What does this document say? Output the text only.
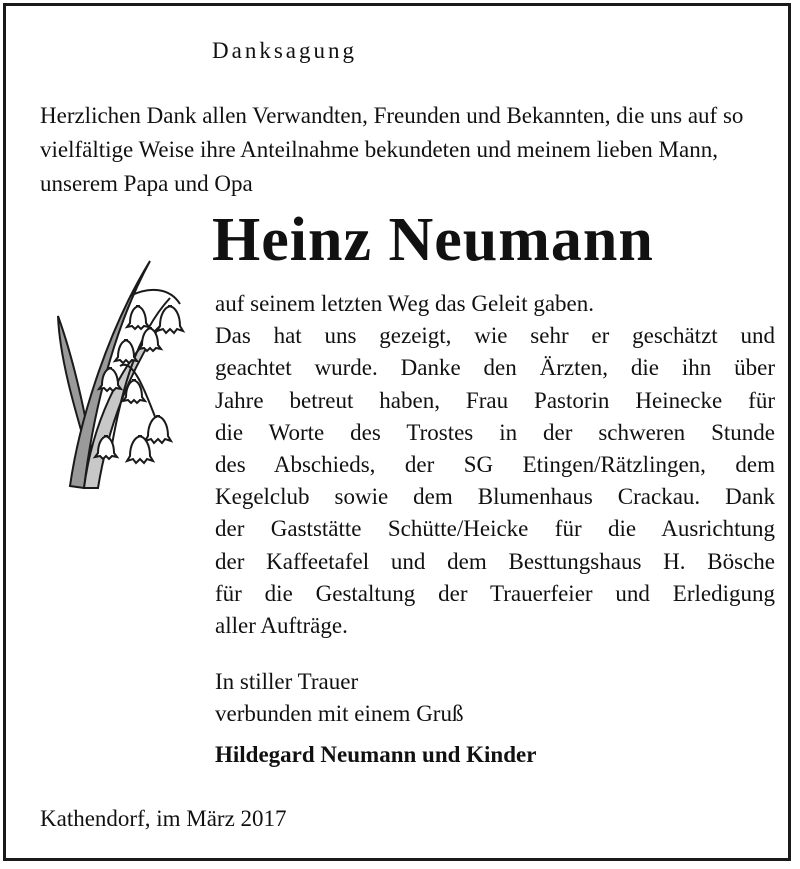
Danksagung

Herzlichen Dank allen Verwandten, Freunden und Bekannten, die uns auf so vielfältige Weise ihre Anteilnahme bekundeten und meinem lieben Mann, unserem Papa und Opa

Heinz Neumann

auf seinem letzten Weg das Geleit gaben.
Das hat uns gezeigt, wie sehr er geschätzt und
geachtet wurde. Danke den Ärzten, die ihn über
Jahre betreut haben, Frau Pastorin Heinecke für
die Worte des Trostes in der schweren Stunde
des Abschieds, der SG Etingen/Rätzlingen, dem
Kegelclub sowie dem Blumenhaus Crackau. Dank
der Gaststätte Schütte/Heicke für die Ausrichtung
der Kaffeetafel und dem Besttungshaus H. Bösche
für die Gestaltung der Trauerfeier und Erledigung
aller Aufträge.

In stiller Trauer
verbunden mit einem Gruß
Hildegard Neumann und Kinder
Kathendorf, im März 2017
